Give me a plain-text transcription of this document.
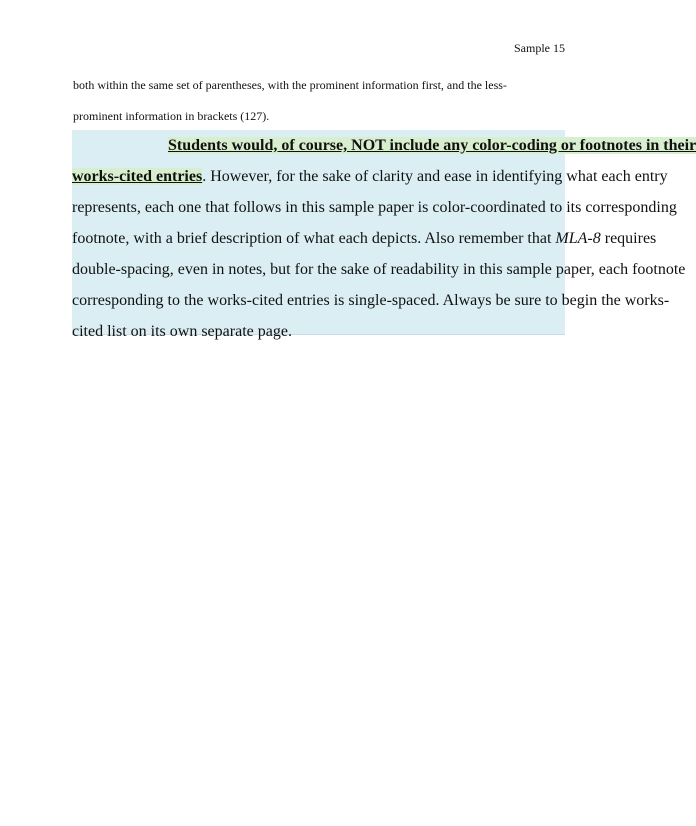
Sample 15
both within the same set of parentheses, with the prominent information first, and the less-
prominent information in brackets (127).
Students would, of course, NOT include any color-coding or footnotes in their
works-cited entries. However, for the sake of clarity and ease in identifying what each entry
represents, each one that follows in this sample paper is color-coordinated to its corresponding
footnote, with a brief description of what each depicts. Also remember that MLA-8 requires
double-spacing, even in notes, but for the sake of readability in this sample paper, each footnote
corresponding to the works-cited entries is single-spaced. Always be sure to begin the works-
cited list on its own separate page.
